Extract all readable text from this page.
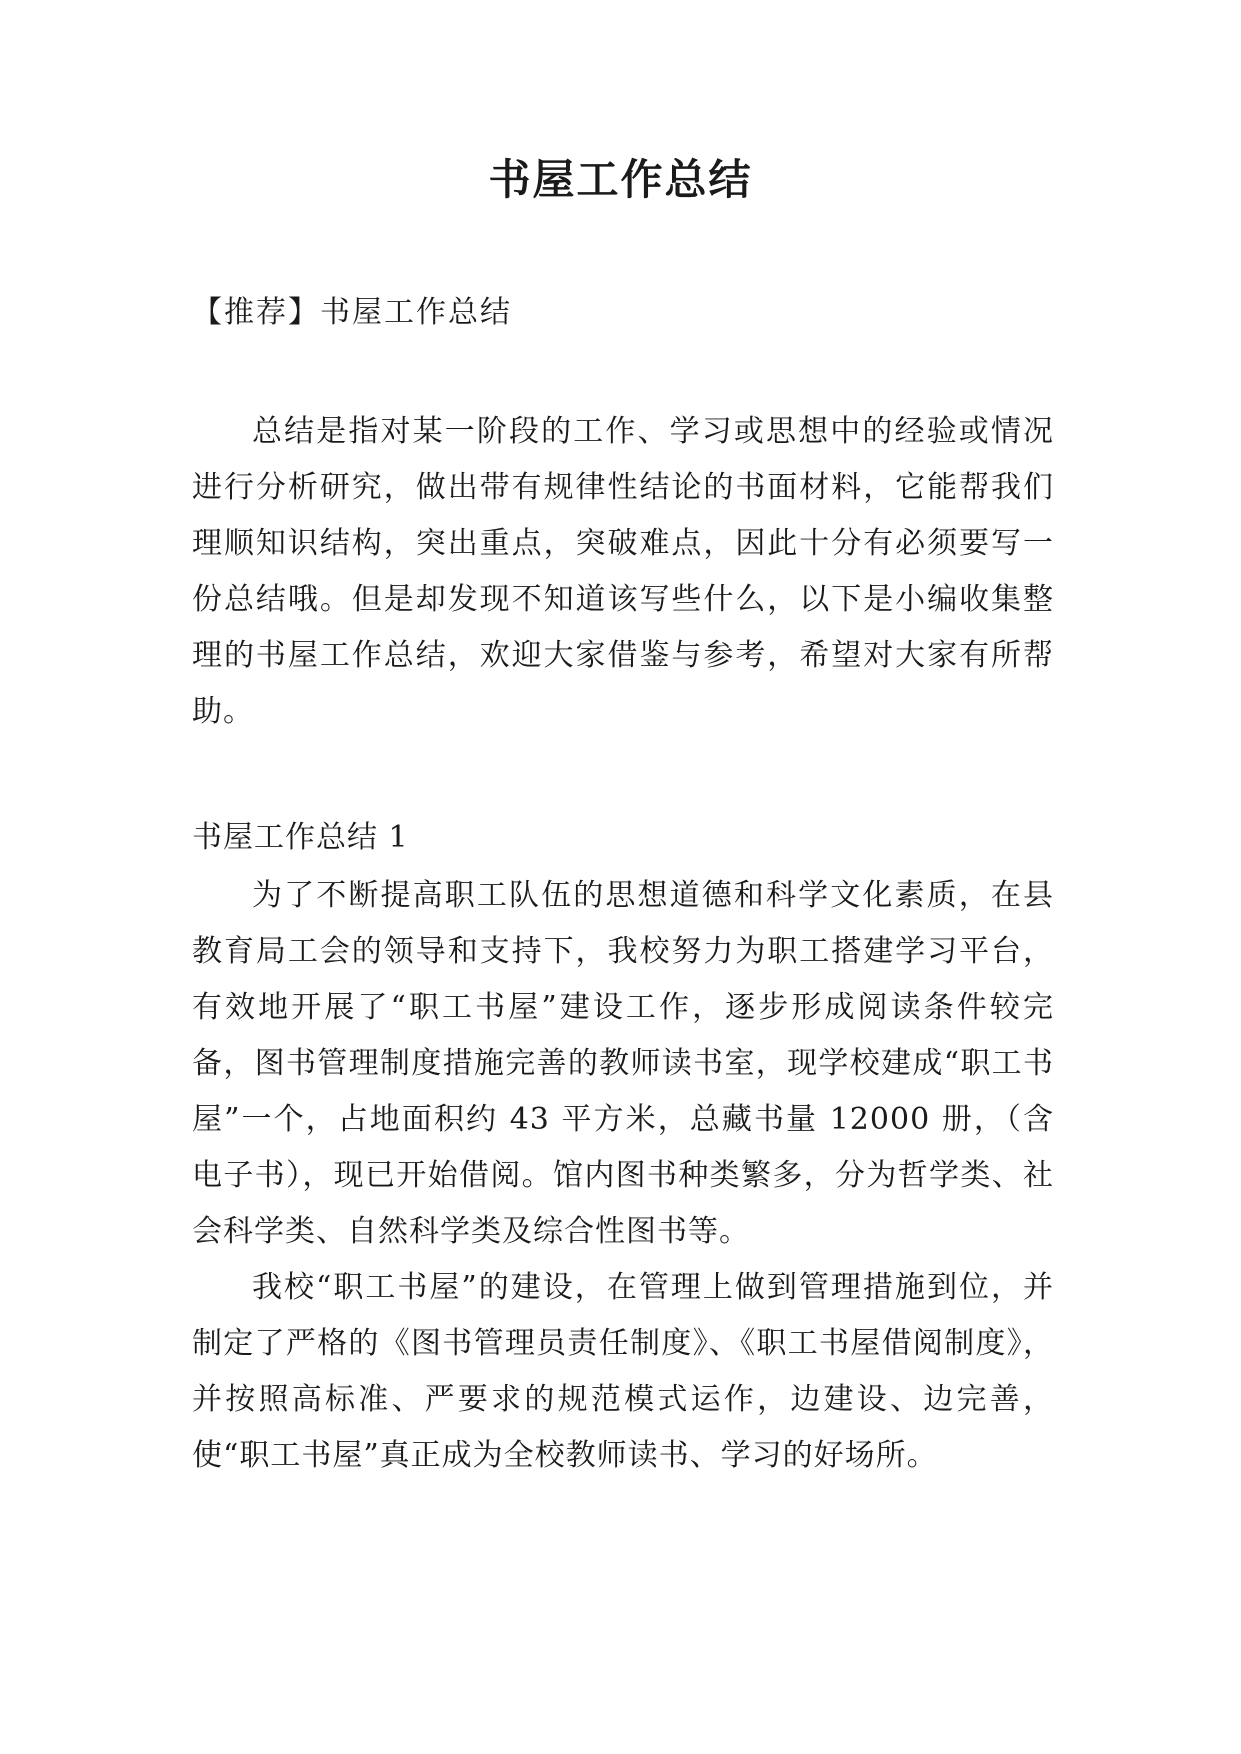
书屋工作总结
【推荐】书屋工作总结

总结是指对某一阶段的工作、学习或思想中的经验或情况进行分析研究，做出带有规律性结论的书面材料，它能帮我们理顺知识结构，突出重点，突破难点，因此十分有必须要写一份总结哦。但是却发现不知道该写些什么，以下是小编收集整理的书屋工作总结，欢迎大家借鉴与参考，希望对大家有所帮助。

书屋工作总结 1

为了不断提高职工队伍的思想道德和科学文化素质，在县教育局工会的领导和支持下，我校努力为职工搭建学习平台，有效地开展了“职工书屋”建设工作，逐步形成阅读条件较完备，图书管理制度措施完善的教师读书室，现学校建成“职工书屋”一个，占地面积约 43 平方米，总藏书量 12000 册，（含电子书），现已开始借阅。馆内图书种类繁多，分为哲学类、社会科学类、自然科学类及综合性图书等。

我校“职工书屋”的建设，在管理上做到管理措施到位，并制定了严格的《图书管理员责任制度》、《职工书屋借阅制度》，并按照高标准、严要求的规范模式运作，边建设、边完善，使“职工书屋”真正成为全校教师读书、学习的好场所。
